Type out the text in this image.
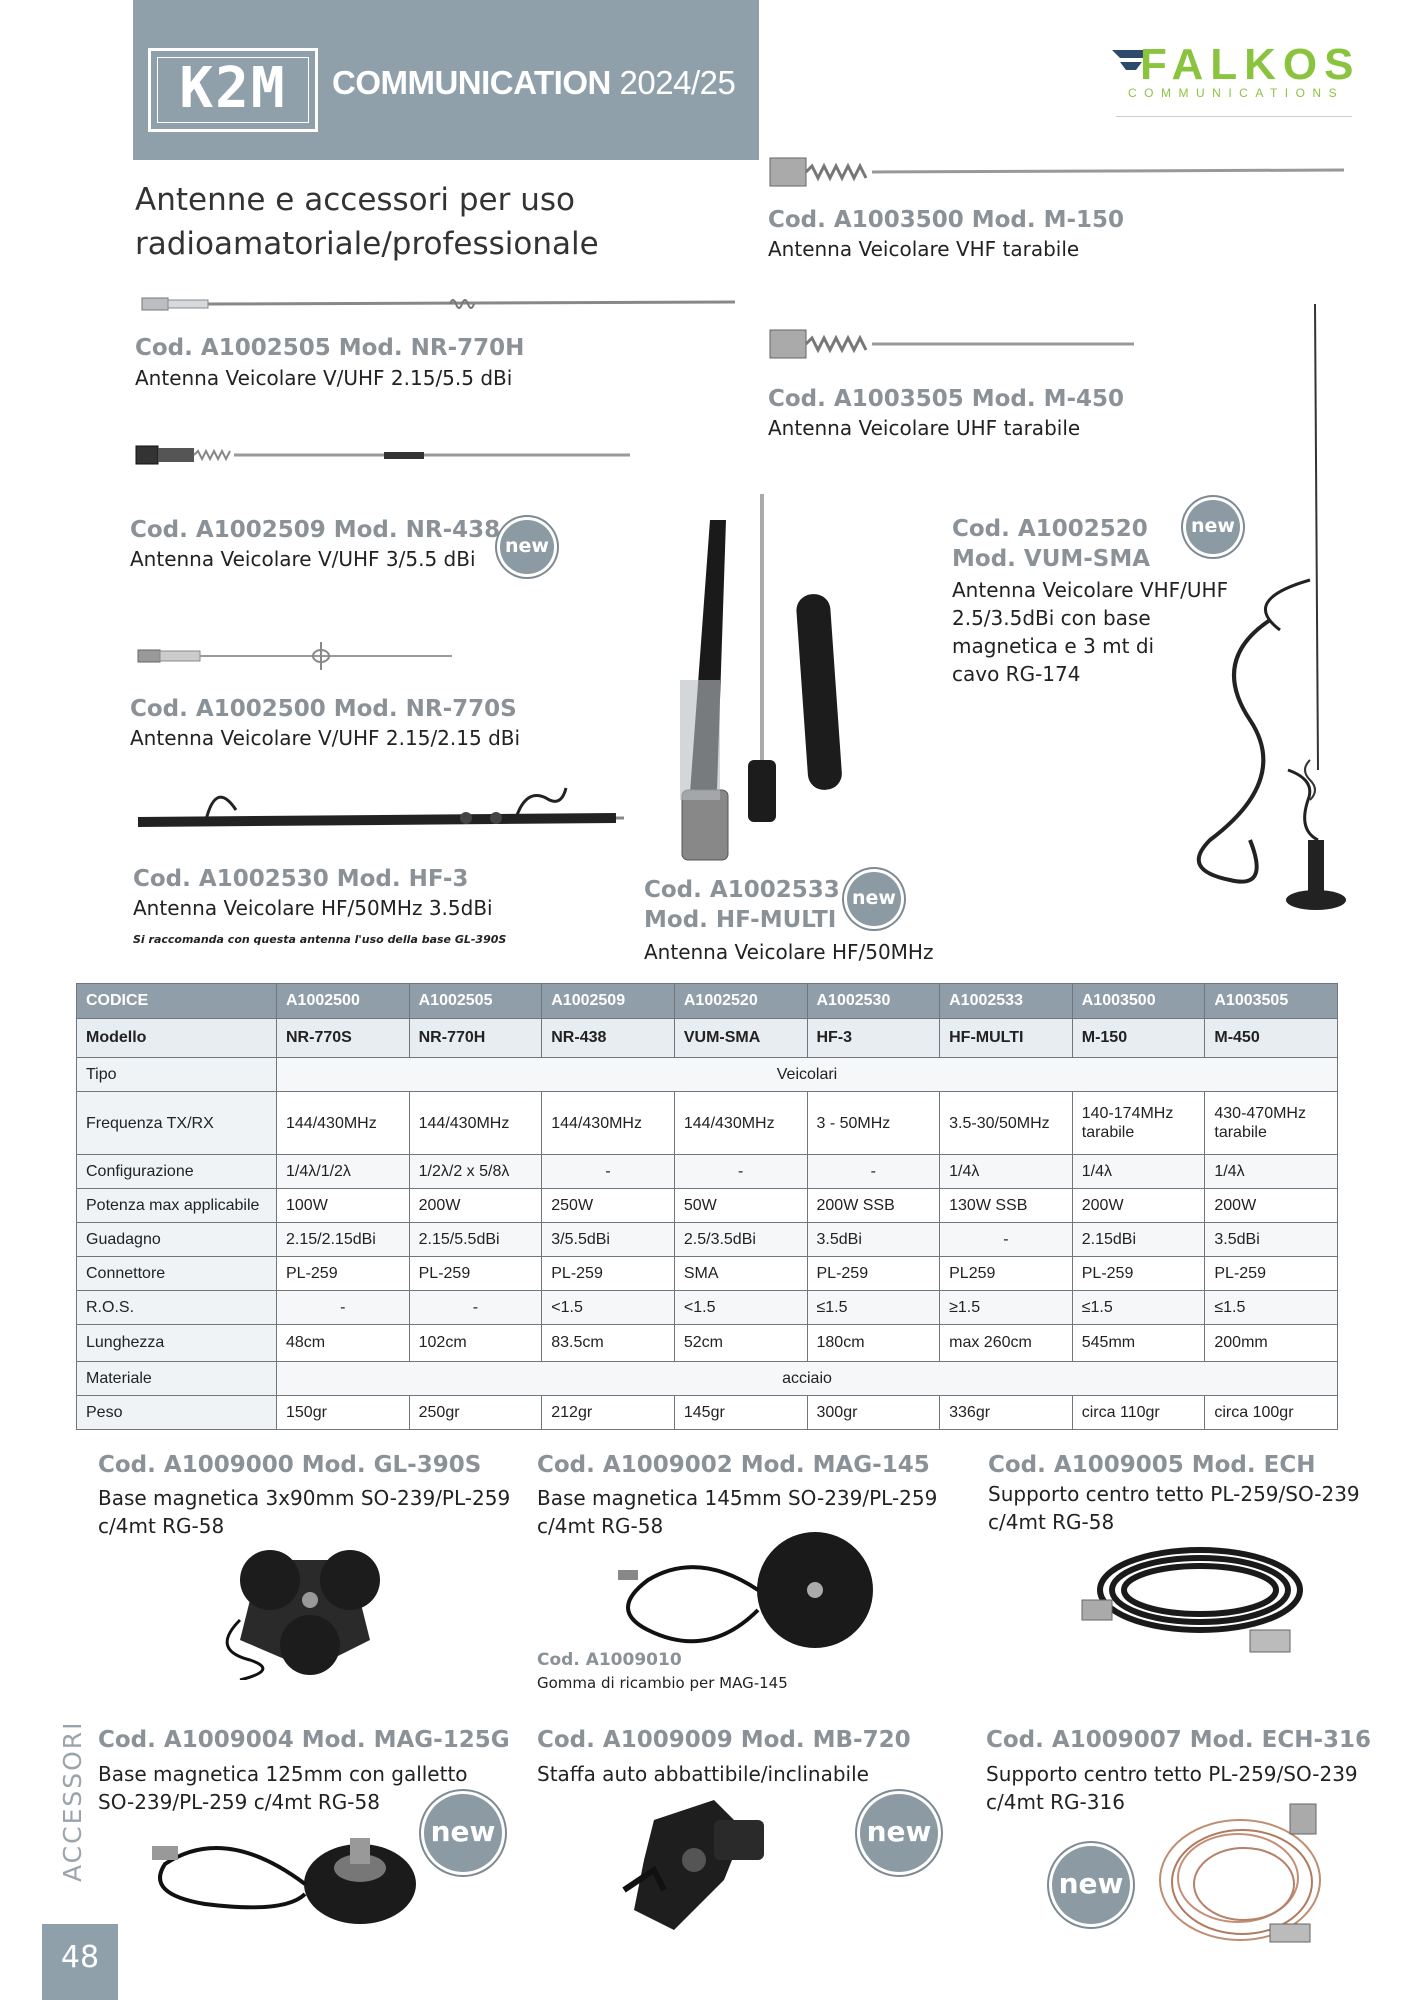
K2M	COMMUNICATION 2024/25	FALKOS
COMMUNICATIONS
Antenne e accessori per uso
radioamatoriale/professionale
Cod. A1002505 Mod. NR-770H
Antenna Veicolare V/UHF 2.15/5.5 dBi
Cod. A1002509 Mod. NR-438
Antenna Veicolare V/UHF 3/5.5 dBi
new
Cod. A1002500 Mod. NR-770S
Antenna Veicolare V/UHF 2.15/2.15 dBi
Cod. A1002530 Mod. HF-3
Antenna Veicolare HF/50MHz 3.5dBi
Si raccomanda con questa antenna l'uso della base GL-390S
Cod. A1003500 Mod. M-150
Antenna Veicolare VHF tarabile
Cod. A1003505 Mod. M-450
Antenna Veicolare UHF tarabile
Cod. A1002520
Mod. VUM-SMA
Antenna Veicolare VHF/UHF
2.5/3.5dBi con base
magnetica e 3 mt di
cavo RG-174
new
Cod. A1002533
Mod. HF-MULTI
Antenna Veicolare HF/50MHz
new
CODICE	A1002500	A1002505	A1002509	A1002520	A1002530	A1002533	A1003500	A1003505
Modello	NR-770S	NR-770H	NR-438	VUM-SMA	HF-3	HF-MULTI	M-150	M-450
Tipo	Veicolari							
Frequenza TX/RX	144/430MHz	144/430MHz	144/430MHz	144/430MHz	3 - 50MHz	3.5-30/50MHz	140-174MHz tarabile	430-470MHz tarabile
Configurazione	1/4λ/1/2λ	1/2λ/2 x 5/8λ	-	-	-	1/4λ	1/4λ	1/4λ
Potenza max applicabile	100W	200W	250W	50W	200W SSB	130W SSB	200W	200W
Guadagno	2.15/2.15dBi	2.15/5.5dBi	3/5.5dBi	2.5/3.5dBi	3.5dBi	-	2.15dBi	3.5dBi
Connettore	PL-259	PL-259	PL-259	SMA	PL-259	PL259	PL-259	PL-259
R.O.S.	-	-	<1.5	<1.5	≤1.5	≥1.5	≤1.5	≤1.5
Lunghezza	48cm	102cm	83.5cm	52cm	180cm	max 260cm	545mm	200mm
Materiale	acciaio							
Peso	150gr	250gr	212gr	145gr	300gr	336gr	circa 110gr	circa 100gr
Cod. A1009000 Mod. GL-390S
Base magnetica 3x90mm SO-239/PL-259
c/4mt RG-58
Cod. A1009002 Mod. MAG-145
Base magnetica 145mm SO-239/PL-259
c/4mt RG-58
Cod. A1009010
Gomma di ricambio per MAG-145
Cod. A1009005 Mod. ECH
Supporto centro tetto PL-259/SO-239
c/4mt RG-58
Cod. A1009004 Mod. MAG-125G
Base magnetica 125mm con galletto
SO-239/PL-259 c/4mt RG-58
new
Cod. A1009009 Mod. MB-720
Staffa auto abbattibile/inclinabile
new
Cod. A1009007 Mod. ECH-316
Supporto centro tetto PL-259/SO-239
c/4mt RG-316
new
ACCESSORI
48
